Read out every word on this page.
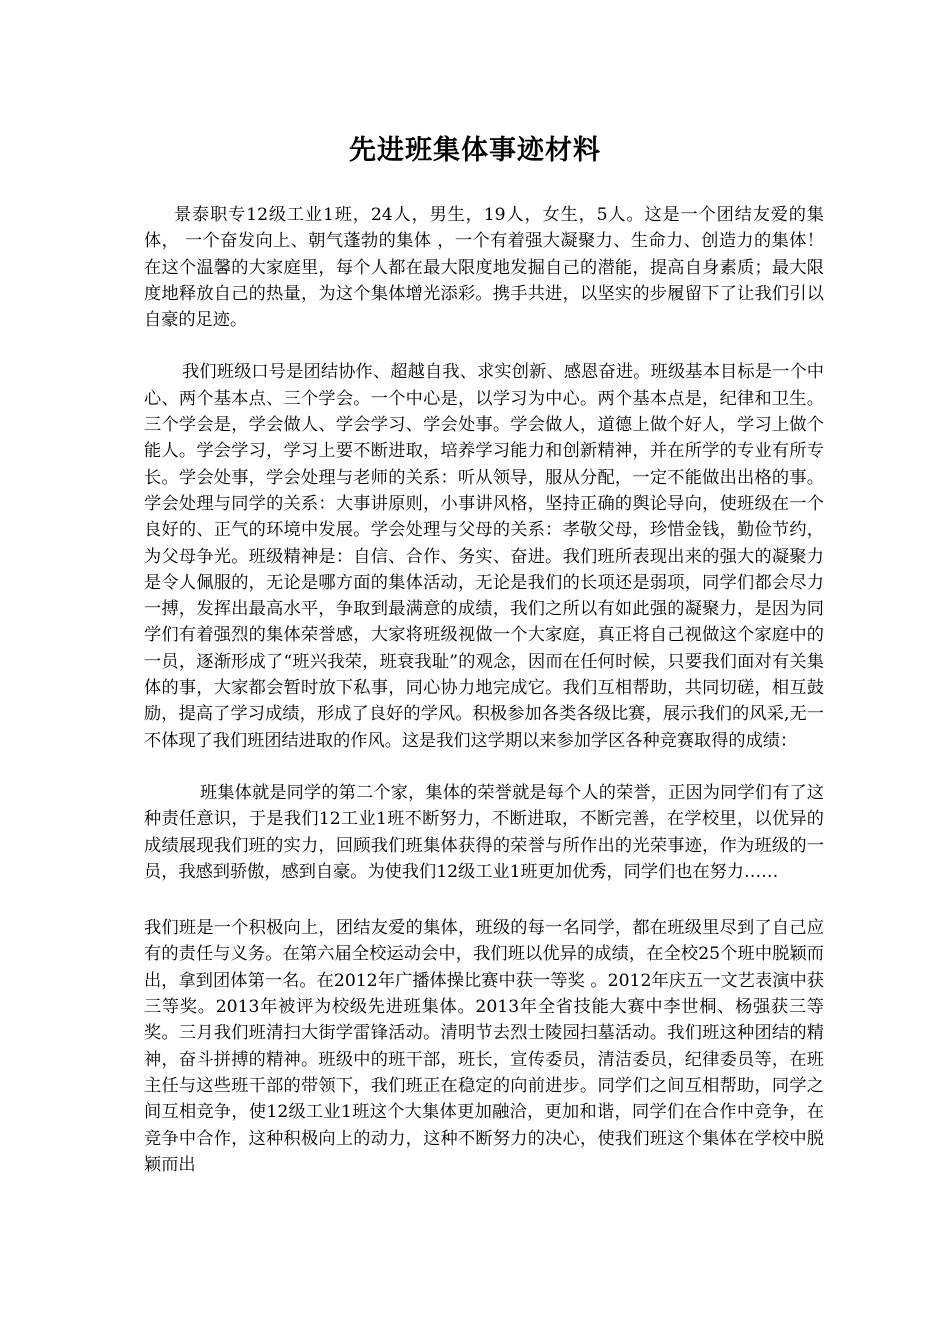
先进班集体事迹材料

景泰职专12级工业1班，24人，男生，19人，女生，5人。这是一个团结友爱的集体， 一个奋发向上、朝气蓬勃的集体 ，一个有着强大凝聚力、生命力、创造力的集体！在这个温馨的大家庭里，每个人都在最大限度地发掘自己的潜能，提高自身素质；最大限度地释放自己的热量，为这个集体增光添彩。携手共进，以坚实的步履留下了让我们引以自豪的足迹。

我们班级口号是团结协作、超越自我、求实创新、感恩奋进。班级基本目标是一个中心、两个基本点、三个学会。一个中心是，以学习为中心。两个基本点是，纪律和卫生。三个学会是，学会做人、学会学习、学会处事。学会做人，道德上做个好人，学习上做个能人。学会学习，学习上要不断进取，培养学习能力和创新精神，并在所学的专业有所专长。学会处事，学会处理与老师的关系：听从领导，服从分配，一定不能做出出格的事。学会处理与同学的关系：大事讲原则，小事讲风格，坚持正确的舆论导向，使班级在一个良好的、正气的环境中发展。学会处理与父母的关系：孝敬父母，珍惜金钱，勤俭节约，为父母争光。班级精神是：自信、合作、务实、奋进。我们班所表现出来的强大的凝聚力是令人佩服的，无论是哪方面的集体活动，无论是我们的长项还是弱项，同学们都会尽力一搏，发挥出最高水平，争取到最满意的成绩，我们之所以有如此强的凝聚力，是因为同学们有着强烈的集体荣誉感，大家将班级视做一个大家庭，真正将自己视做这个家庭中的一员，逐渐形成了“班兴我荣，班衰我耻”的观念，因而在任何时候，只要我们面对有关集体的事，大家都会暂时放下私事，同心协力地完成它。我们互相帮助，共同切磋，相互鼓励，提高了学习成绩，形成了良好的学风。积极参加各类各级比赛，展示我们的风采,无一不体现了我们班团结进取的作风。这是我们这学期以来参加学区各种竞赛取得的成绩：

班集体就是同学的第二个家，集体的荣誉就是每个人的荣誉，正因为同学们有了这种责任意识，于是我们12工业1班不断努力，不断进取，不断完善，在学校里，以优异的成绩展现我们班的实力，回顾我们班集体获得的荣誉与所作出的光荣事迹，作为班级的一员，我感到骄傲，感到自豪。为使我们12级工业1班更加优秀，同学们也在努力……

我们班是一个积极向上，团结友爱的集体，班级的每一名同学，都在班级里尽到了自己应有的责任与义务。在第六届全校运动会中，我们班以优异的成绩，在全校25个班中脱颖而出，拿到团体第一名。在2012年广播体操比赛中获一等奖 。2012年庆五一文艺表演中获三等奖。2013年被评为校级先进班集体。2013年全省技能大赛中李世桐、杨强获三等奖。三月我们班清扫大街学雷锋活动。清明节去烈士陵园扫墓活动。我们班这种团结的精神，奋斗拼搏的精神。班级中的班干部，班长，宣传委员，清洁委员，纪律委员等，在班主任与这些班干部的带领下，我们班正在稳定的向前进步。同学们之间互相帮助，同学之间互相竞争，使12级工业1班这个大集体更加融洽，更加和谐，同学们在合作中竞争，在竞争中合作，这种积极向上的动力，这种不断努力的决心，使我们班这个集体在学校中脱颖而出
